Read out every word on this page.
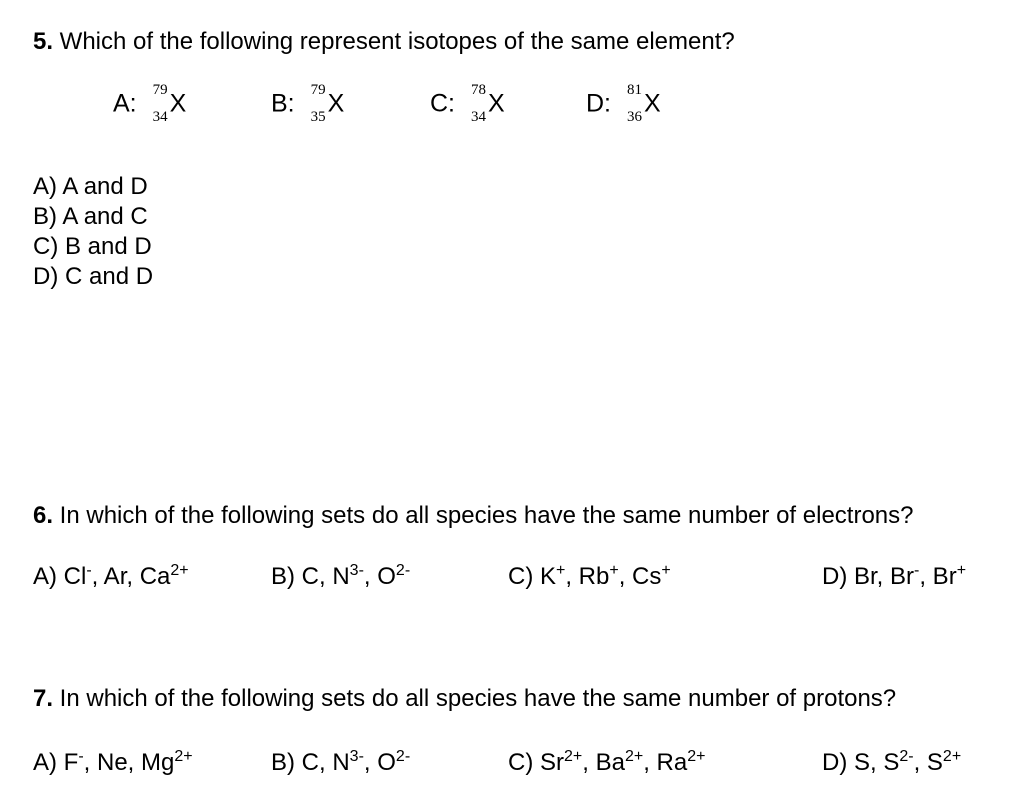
5. Which of the following represent isotopes of the same element?
A: 79
34 X	B: 79
35 X	C: 78
34 X	D: 81
36 X
A) A and D
B) A and C
C) B and D
D) C and D
6. In which of the following sets do all species have the same number of electrons?
A) Cl-, Ar, $Ca^{2+}$	B) C, $N^{3-}$, $O^{2-}$	C) K+, Rb+, Cs+	D) Br, Br-, Br+
7. In which of the following sets do all species have the same number of protons?
A) F-, Ne, $Mg^{2+}$	B) C, $N^{3-}$, $O^{2-}$	C) $Sr^{2+}$, $Ba^{2+}$, $Ra^{2+}$	D) S, $S^{2-}$, $S^{2+}$
